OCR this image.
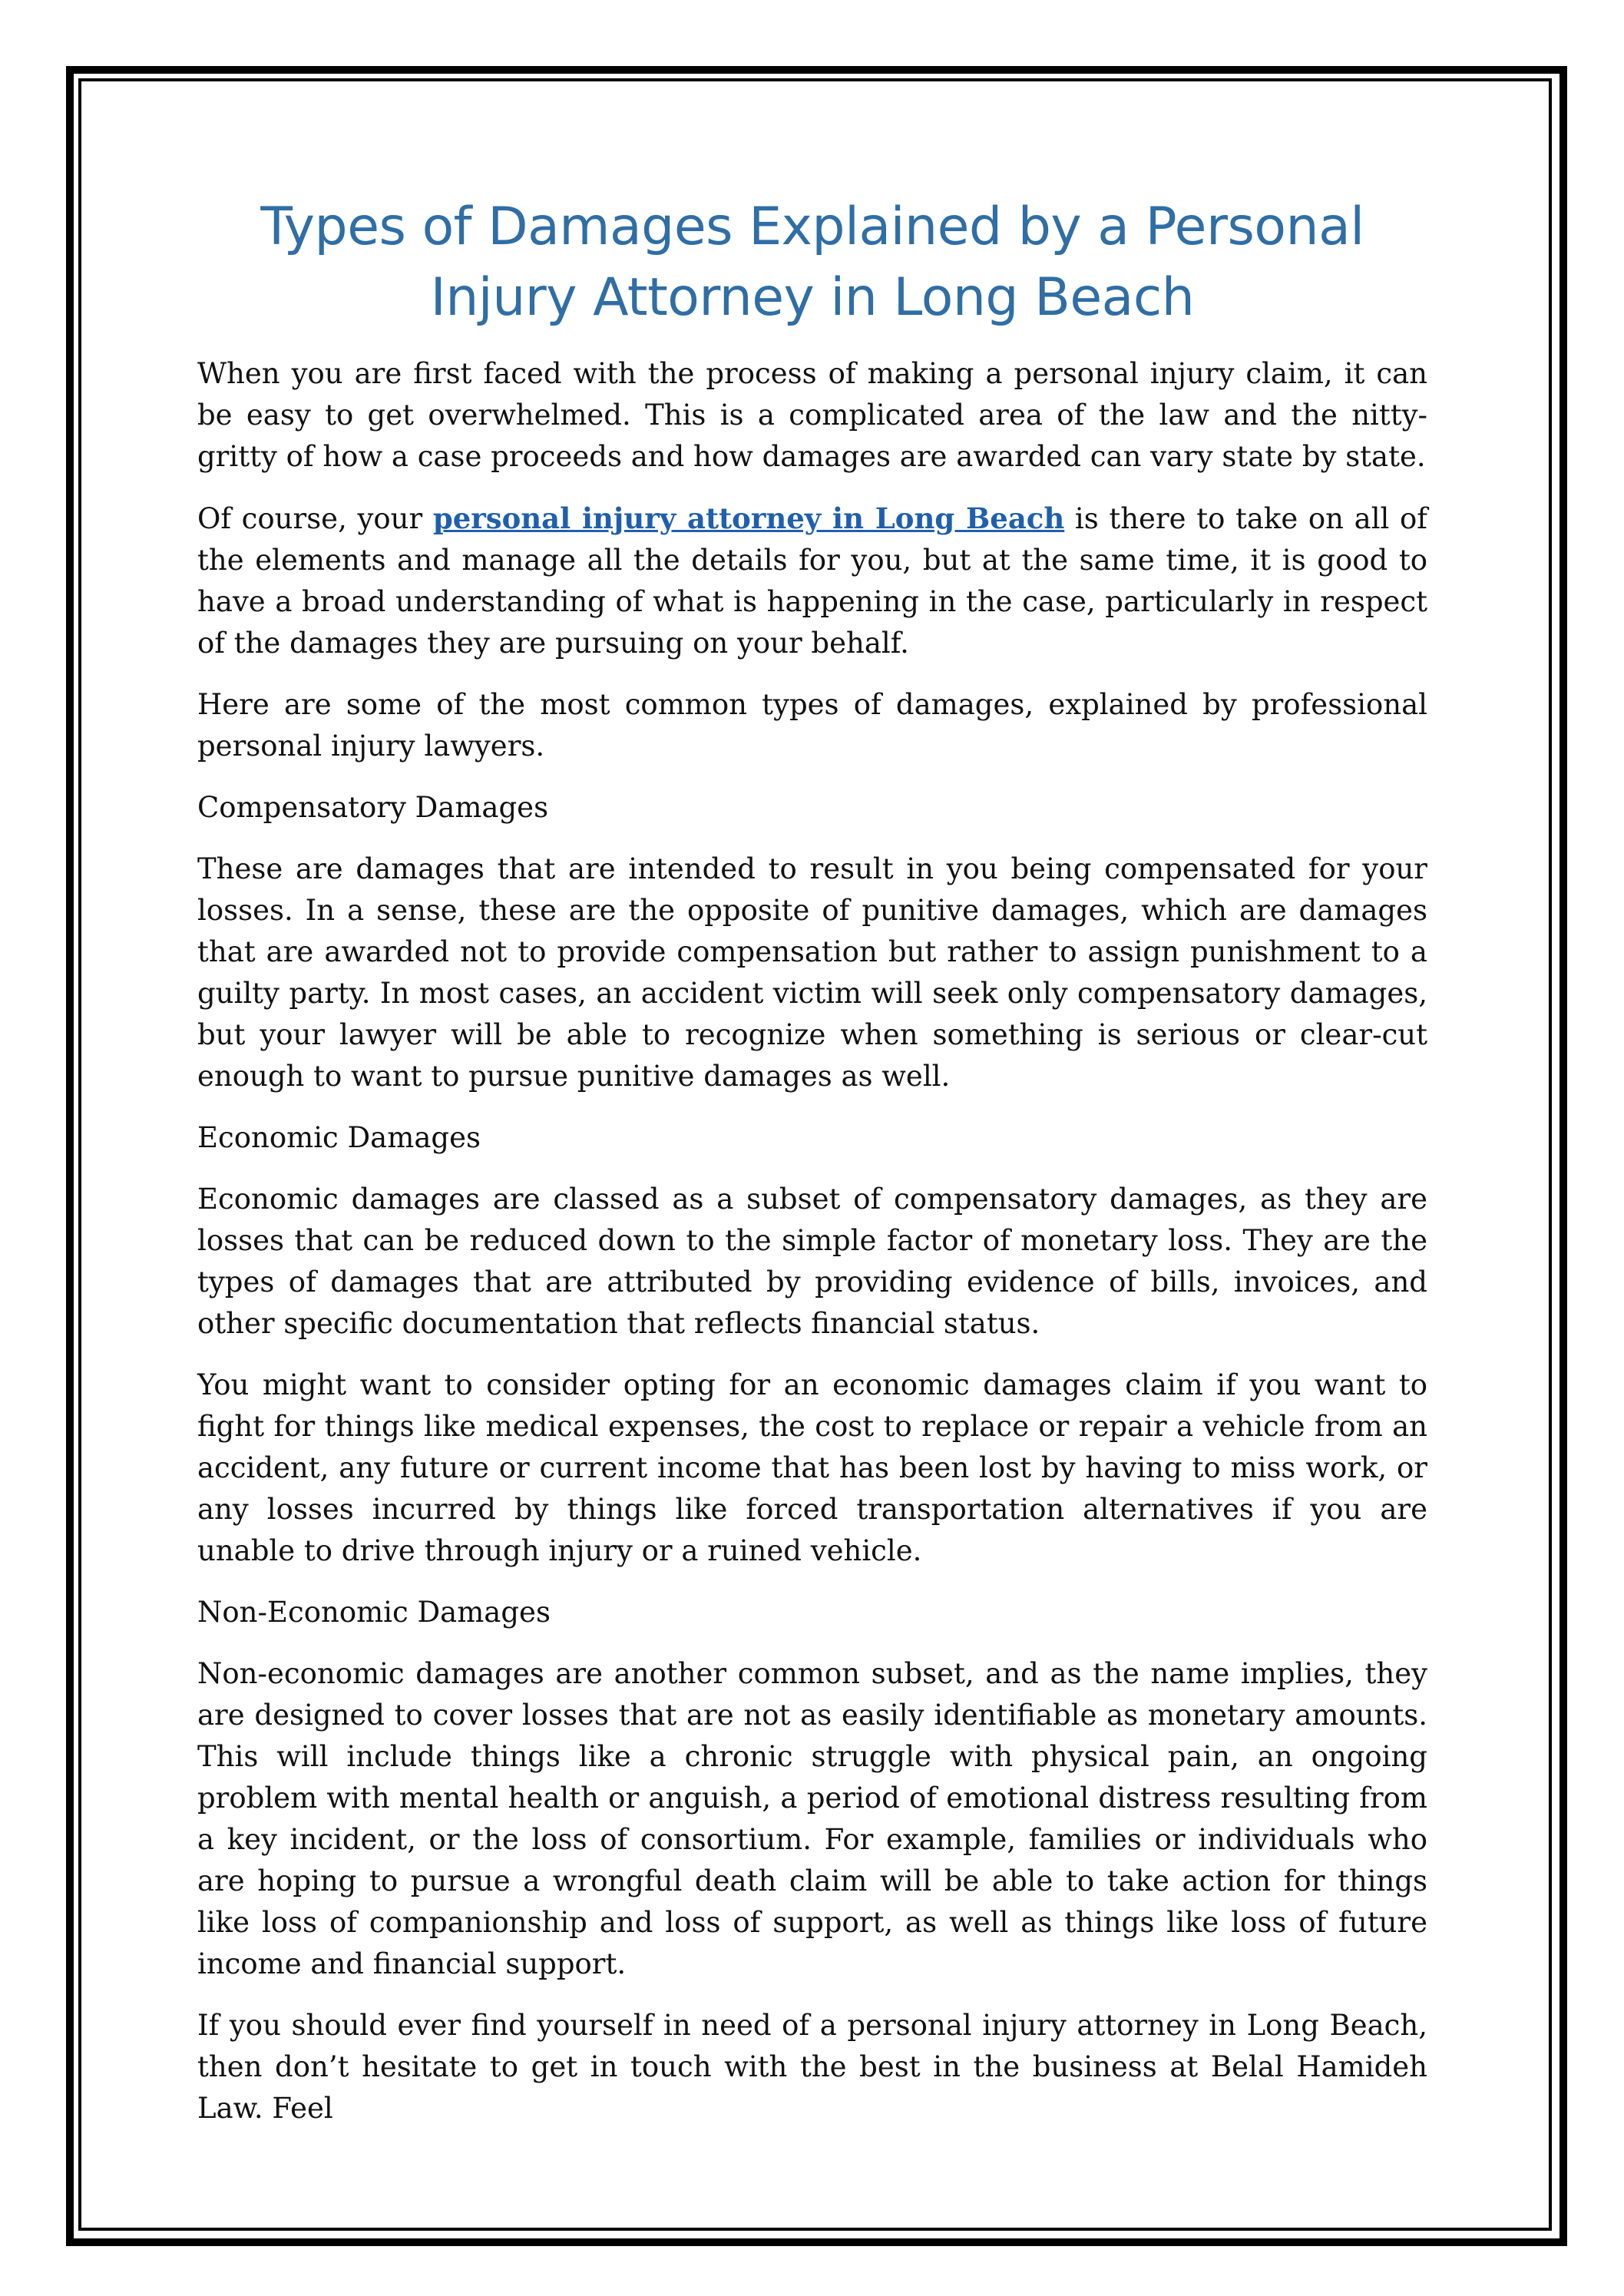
Types of Damages Explained by a Personal Injury Attorney in Long Beach

When you are first faced with the process of making a personal injury claim, it can be easy to get overwhelmed. This is a complicated area of the law and the nitty-gritty of how a case proceeds and how damages are awarded can vary state by state.

Of course, your personal injury attorney in Long Beach is there to take on all of the elements and manage all the details for you, but at the same time, it is good to have a broad understanding of what is happening in the case, particularly in respect of the damages they are pursuing on your behalf.

Here are some of the most common types of damages, explained by professional personal injury lawyers.

Compensatory Damages

These are damages that are intended to result in you being compensated for your losses. In a sense, these are the opposite of punitive damages, which are damages that are awarded not to provide compensation but rather to assign punishment to a guilty party. In most cases, an accident victim will seek only compensatory damages, but your lawyer will be able to recognize when something is serious or clear-cut enough to want to pursue punitive damages as well.

Economic Damages

Economic damages are classed as a subset of compensatory damages, as they are losses that can be reduced down to the simple factor of monetary loss. They are the types of damages that are attributed by providing evidence of bills, invoices, and other specific documentation that reflects financial status.

You might want to consider opting for an economic damages claim if you want to fight for things like medical expenses, the cost to replace or repair a vehicle from an accident, any future or current income that has been lost by having to miss work, or any losses incurred by things like forced transportation alternatives if you are unable to drive through injury or a ruined vehicle.

Non-Economic Damages

Non-economic damages are another common subset, and as the name implies, they are designed to cover losses that are not as easily identifiable as monetary amounts. This will include things like a chronic struggle with physical pain, an ongoing problem with mental health or anguish, a period of emotional distress resulting from a key incident, or the loss of consortium. For example, families or individuals who are hoping to pursue a wrongful death claim will be able to take action for things like loss of companionship and loss of support, as well as things like loss of future income and financial support.

If you should ever find yourself in need of a personal injury attorney in Long Beach, then don’t hesitate to get in touch with the best in the business at Belal Hamideh Law. Feel
